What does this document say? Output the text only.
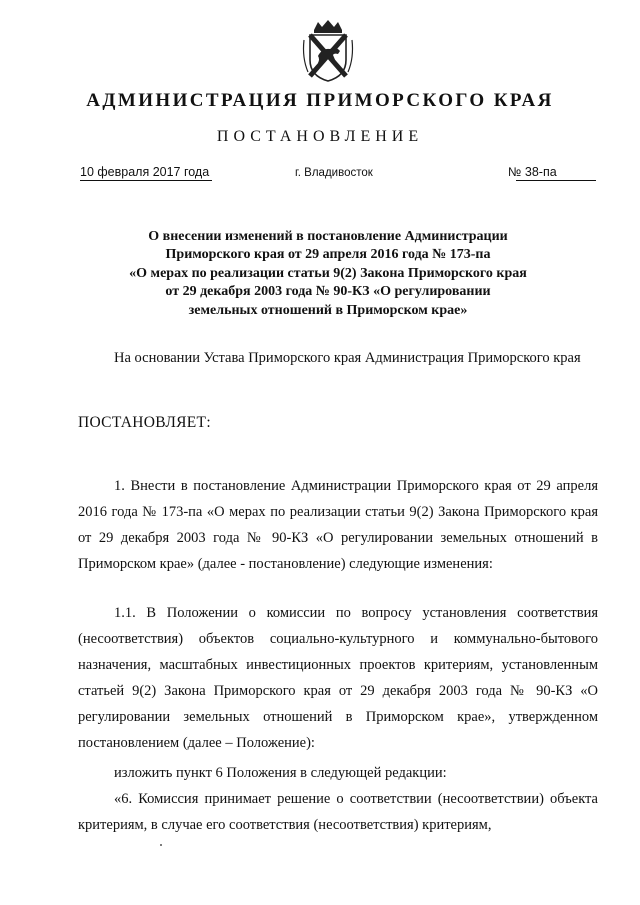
АДМИНИСТРАЦИЯ ПРИМОРСКОГО КРАЯ
ПОСТАНОВЛЕНИЕ
10 февраля 2017 года	г. Владивосток	№ 38-па
О внесении изменений в постановление Администрации
Приморского края от 29 апреля 2016 года № 173-па
«О мерах по реализации статьи 9(2) Закона Приморского края
от 29 декабря 2003 года № 90-КЗ «О регулировании
земельных отношений в Приморском крае»
На основании Устава Приморского края Администрация Приморского края
ПОСТАНОВЛЯЕТ:
1. Внести в постановление Администрации Приморского края от 29 апреля 2016 года № 173-па «О мерах по реализации статьи 9(2) Закона Приморского края от 29 декабря 2003 года № 90-КЗ «О регулировании земельных отношений в Приморском крае» (далее - постановление) следующие изменения:
1.1. В Положении о комиссии по вопросу установления соответствия (несоответствия) объектов социально-культурного и коммунально-бытового назначения, масштабных инвестиционных проектов критериям, установленным статьей 9(2) Закона Приморского края от 29 декабря 2003 года № 90-КЗ «О регулировании земельных отношений в Приморском крае», утвержденном постановлением (далее – Положение):
изложить пункт 6 Положения в следующей редакции:
«6. Комиссия принимает решение о соответствии (несоответствии) объекта критериям, в случае его соответствия (несоответствия) критериям,
